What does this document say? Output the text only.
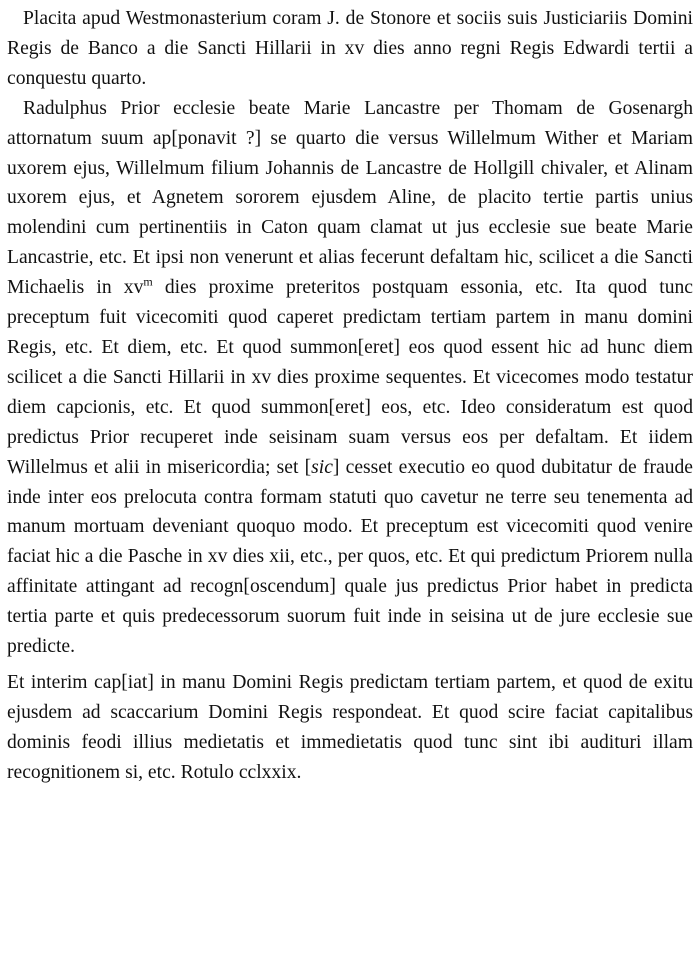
Placita apud Westmonasterium coram J. de Stonore et sociis suis Justiciariis Domini Regis de Banco a die Sancti Hillarii in xv dies anno regni Regis Edwardi tertii a conquestu quarto.

Radulphus Prior ecclesie beate Marie Lancastre per Thomam de Gosenargh attornatum suum ap[ponavit ?] se quarto die versus Willelmum Wither et Mariam uxorem ejus, Willelmum filium Johannis de Lancastre de Hollgill chivaler, et Alinam uxorem ejus, et Agnetem sororem ejusdem Aline, de placito tertie partis unius molendini cum pertinentiis in Caton quam clamat ut jus ecclesie sue beate Marie Lancastrie, etc. Et ipsi non venerunt et alias fecerunt defaltam hic, scilicet a die Sancti Michaelis in $xv^m$ dies proxime preteritos postquam essonia, etc. Ita quod tunc preceptum fuit vicecomiti quod caperet predictam tertiam partem in manu domini Regis, etc. Et diem, etc. Et quod summon[eret] eos quod essent hic ad hunc diem scilicet a die Sancti Hillarii in xv dies proxime sequentes. Et vicecomes modo testatur diem capcionis, etc. Et quod summon[eret] eos, etc. Ideo consideratum est quod predictus Prior recuperet inde seisinam suam versus eos per defaltam. Et iidem Willelmus et alii in misericordia; set [sic] cesset executio eo quod dubitatur de fraude inde inter eos prelocuta contra formam statuti quo cavetur ne terre seu tenementa ad manum mortuam deveniant quoquo modo. Et preceptum est vicecomiti quod venire faciat hic a die Pasche in xv dies xii, etc., per quos, etc. Et qui predictum Priorem nulla affinitate attingant ad recogn[oscendum] quale jus predictus Prior habet in predicta tertia parte et quis predecessorum suorum fuit inde in seisina ut de jure ecclesie sue predicte.

Et interim cap[iat] in manu Domini Regis predictam tertiam partem, et quod de exitu ejusdem ad scaccarium Domini Regis respondeat. Et quod scire faciat capitalibus dominis feodi illius medietatis et immedietatis quod tunc sint ibi audituri illam recognitionem si, etc. Rotulo cclxxix.
